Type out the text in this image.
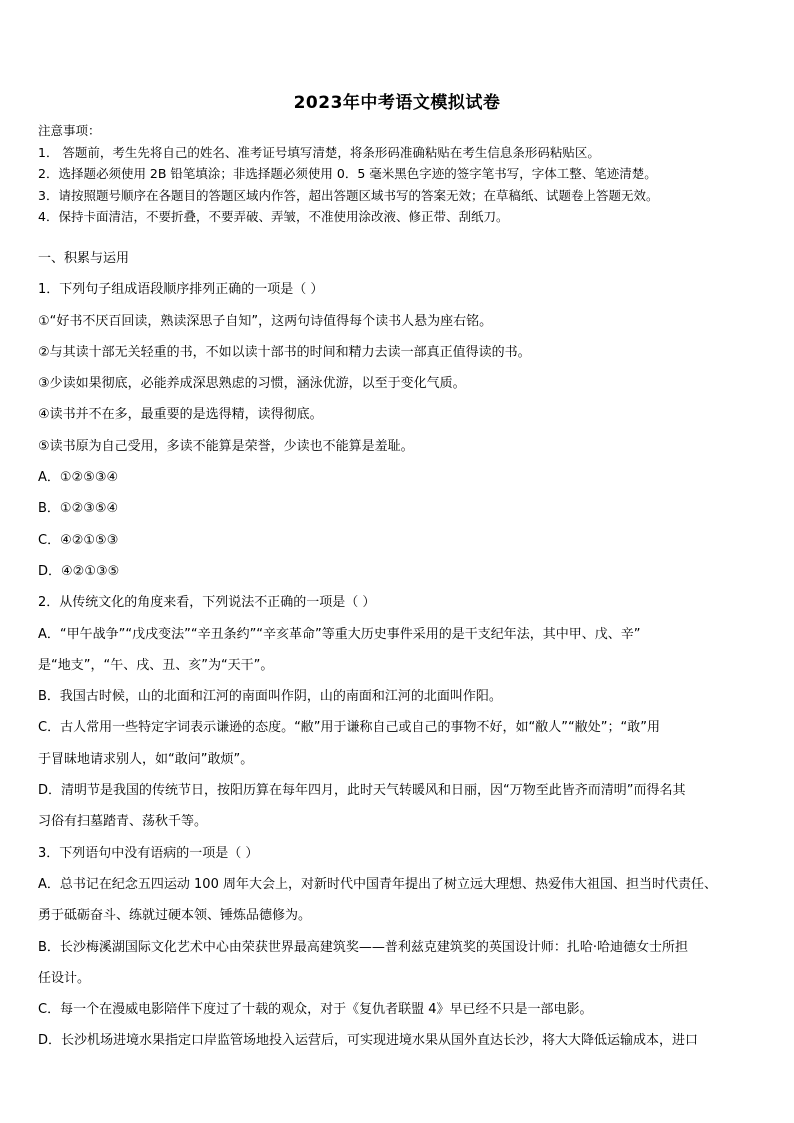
2023年中考语文模拟试卷
注意事项：
1． 答题前，考生先将自己的姓名、准考证号填写清楚，将条形码准确粘贴在考生信息条形码粘贴区。
2．选择题必须使用 2B 铅笔填涂；非选择题必须使用 0．5 毫米黑色字迹的签字笔书写，字体工整、笔迹清楚。
3．请按照题号顺序在各题目的答题区域内作答，超出答题区域书写的答案无效；在草稿纸、试题卷上答题无效。
4．保持卡面清洁，不要折叠，不要弄破、弄皱，不准使用涂改液、修正带、刮纸刀。
一、积累与运用
1．下列句子组成语段顺序排列正确的一项是（ ）
①“好书不厌百回读，熟读深思子自知”，这两句诗值得每个读书人悬为座右铭。
②与其读十部无关轻重的书，不如以读十部书的时间和精力去读一部真正值得读的书。
③少读如果彻底，必能养成深思熟虑的习惯，涵泳优游，以至于变化气质。
④读书并不在多，最重要的是选得精，读得彻底。
⑤读书原为自己受用，多读不能算是荣誉，少读也不能算是羞耻。
A．①②⑤③④
B．①②③⑤④
C．④②①⑤③
D．④②①③⑤
2．从传统文化的角度来看，下列说法不正确的一项是（ ）
A．“甲午战争”“戊戌变法”“辛丑条约”“辛亥革命”等重大历史事件采用的是干支纪年法，其中甲、戊、辛”
是“地支”，“午、戌、丑、亥”为“天干”。
B．我国古时候，山的北面和江河的南面叫作阴，山的南面和江河的北面叫作阳。
C．古人常用一些特定字词表示谦逊的态度。“敝”用于谦称自己或自己的事物不好，如“敝人”“敝处”；“敢”用
于冒昧地请求别人，如“敢问”敢烦”。
D．清明节是我国的传统节日，按阳历算在每年四月，此时天气转暖风和日丽，因“万物至此皆齐而清明”而得名其
习俗有扫墓踏青、荡秋千等。
3．下列语句中没有语病的一项是（ ）
A．总书记在纪念五四运动 100 周年大会上，对新时代中国青年提出了树立远大理想、热爱伟大祖国、担当时代责任、
勇于砥砺奋斗、练就过硬本领、锤炼品德修为。
B．长沙梅溪湖国际文化艺术中心由荣获世界最高建筑奖——普利兹克建筑奖的英国设计师：扎哈·哈迪德女士所担
任设计。
C．每一个在漫威电影陪伴下度过了十载的观众，对于《复仇者联盟 4》早已经不只是一部电影。
D．长沙机场进境水果指定口岸监管场地投入运营后，可实现进境水果从国外直达长沙，将大大降低运输成本，进口
